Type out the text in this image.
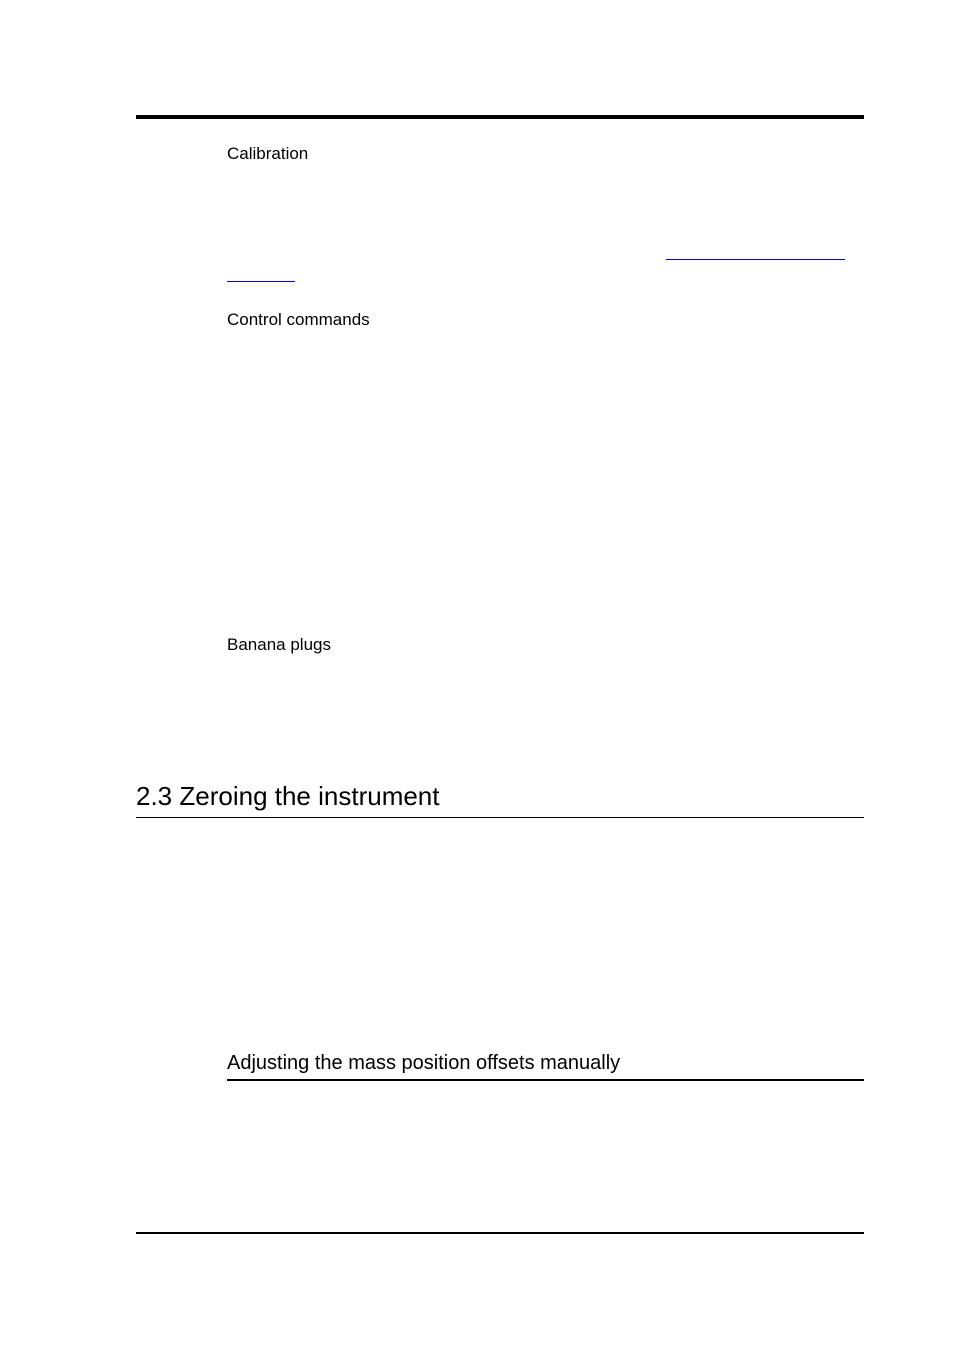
Calibration
Control commands
Banana plugs
2.3 Zeroing the instrument
Adjusting the mass position offsets manually
